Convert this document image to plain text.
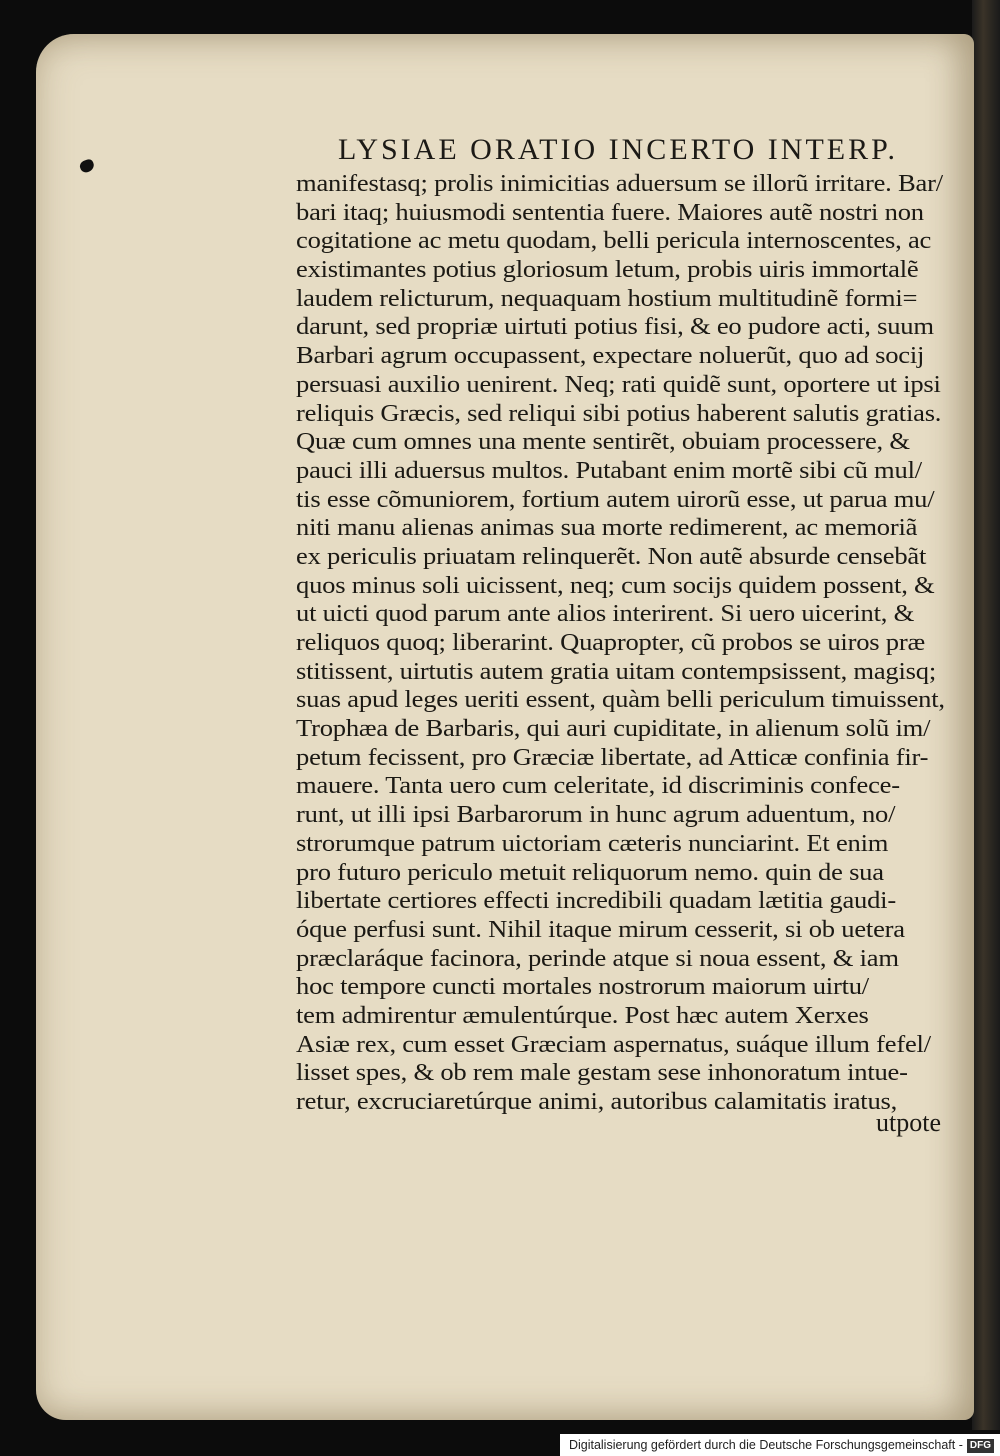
LYSIAE ORATIO INCERTO INTERP.
manifestasq; prolis inimicitias aduersum se illorũ irritare. Bar/
bari itaq; huiusmodi sententia fuere. Maiores autẽ nostri non
cogitatione ac metu quodam, belli pericula internoscentes, ac
existimantes potius gloriosum letum, probis uiris immortalẽ
laudem relicturum, nequaquam hostium multitudinẽ formi=
darunt, sed propriæ uirtuti potius fisi, & eo pudore acti, suum
Barbari agrum occupassent, expectare noluerũt, quo ad socij
persuasi auxilio uenirent. Neq; rati quidẽ sunt, oportere ut ipsi
reliquis Græcis, sed reliqui sibi potius haberent salutis gratias.
Quæ cum omnes una mente sentirẽt, obuiam processere, &
pauci illi aduersus multos. Putabant enim mortẽ sibi cũ mul/
tis esse cõmuniorem, fortium autem uirorũ esse, ut parua mu/
niti manu alienas animas sua morte redimerent, ac memoriã
ex periculis priuatam relinquerẽt. Non autẽ absurde censebãt
quos minus soli uicissent, neq; cum socijs quidem possent, &
ut uicti quod parum ante alios interirent. Si uero uicerint, &
reliquos quoq; liberarint. Quapropter, cũ probos se uiros præ
stitissent, uirtutis autem gratia uitam contempsissent, magisq;
suas apud leges ueriti essent, quàm belli periculum timuissent,
Trophæa de Barbaris, qui auri cupiditate, in alienum solũ im/
petum fecissent, pro Græciæ libertate, ad Atticæ confinia fir-
mauere. Tanta uero cum celeritate, id discriminis confece-
runt, ut illi ipsi Barbarorum in hunc agrum aduentum, no/
strorumque patrum uictoriam cæteris nunciarint. Et enim
pro futuro periculo metuit reliquorum nemo. quin de sua
libertate certiores effecti incredibili quadam lætitia gaudi-
óque perfusi sunt. Nihil itaque mirum cesserit, si ob uetera
præclaráque facinora, perinde atque si noua essent, & iam
hoc tempore cuncti mortales nostrorum maiorum uirtu/
tem admirentur æmulentúrque. Post hæc autem Xerxes
Asiæ rex, cum esset Græciam aspernatus, suáque illum fefel/
lisset spes, & ob rem male gestam sese inhonoratum intue-
retur, excruciaretúrque animi, autoribus calamitatis iratus,
utpote
Digitalisierung gefördert durch die Deutsche Forschungsgemeinschaft - DFG
